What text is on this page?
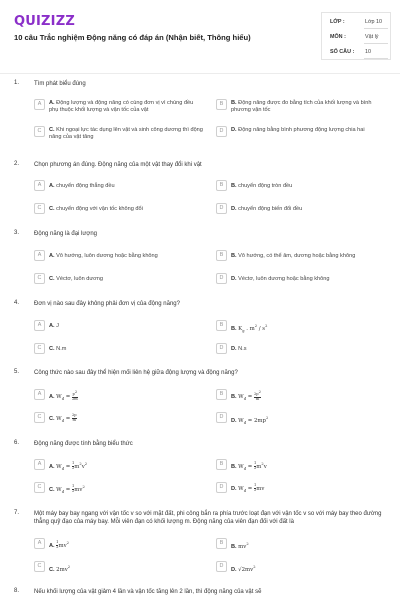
QUIZIZZ
10 câu Trắc nghiệm Động năng có đáp án (Nhận biết, Thông hiểu)
LỚP :	Lớp 10
MÔN :	Vật lý
SỐ CÂU : 10
1. Tìm phát biểu đúng
A	A. Động lượng và động năng có cùng đơn vị vì chúng đều phụ thuộc khối lượng và vận tốc của vật
B	B. Động năng được đo bằng tích của khối lượng và bình phương vận tốc
C	C. Khi ngoại lực tác dụng lên vật và sinh công dương thì động năng của vật tăng
D	D. Động năng bằng bình phương động lượng chia hai
2. Chọn phương án đúng. Động năng của một vật thay đổi khi vật
A	A. chuyển động thẳng đều	B	B. chuyển động tròn đều
C	C. chuyển động với vận tốc không đổi	D	D. chuyển động biến đổi đều
3. Động năng là đại lượng
A	A. Vô hướng, luôn dương hoặc bằng không	B	B. Vô hướng, có thể âm, dương hoặc bằng không
C	C. Véctơ, luôn dương	D	D. Véctơ, luôn dương hoặc bằng không
4. Đơn vị nào sau đây không phải đơn vị của động năng?
A	A. J	B
B. $K_g$ . $m^2 / s^2$
C	C. N.m	D	D. N.s
5. Công thức nào sau đây thể hiện mối liên hệ giữa động lượng và động năng?
A	A. $W_đ = \frac{p^2}{2m}$	B	B. $W_đ = \frac{2p^2}{m}$
C	C. $W_đ = \frac{2p}{m}$	D
D. $W_đ = 2mp^2$
6. Động năng được tính bằng biểu thức
A	A. $W_đ = \frac{1}{2} m^2v^2$	B	B. $W_đ = \frac{1}{2} m^2v$
C	C. $W_đ = \frac{1}{2} mv^2$	D	D. $W_đ = \frac{1}{2}$ mv
7. Một máy bay bay ngang với vận tốc v so với mặt đất, phi công bắn ra phía trước loạt đạn với vận tốc v so với máy bay theo đường thẳng quỹ đạo của máy bay. Mỗi viên đạn có khối lượng m. Động năng của viên đạn đối với đất là
A	A. $\frac{1}{2} mv^2$	B
B. $mv^2$
C
C. $2mv^2$	D
D. $√2mv^2$
8. Nếu khối lượng của vật giảm 4 lần và vận tốc tăng lên 2 lần, thì động năng của vật sẽ
